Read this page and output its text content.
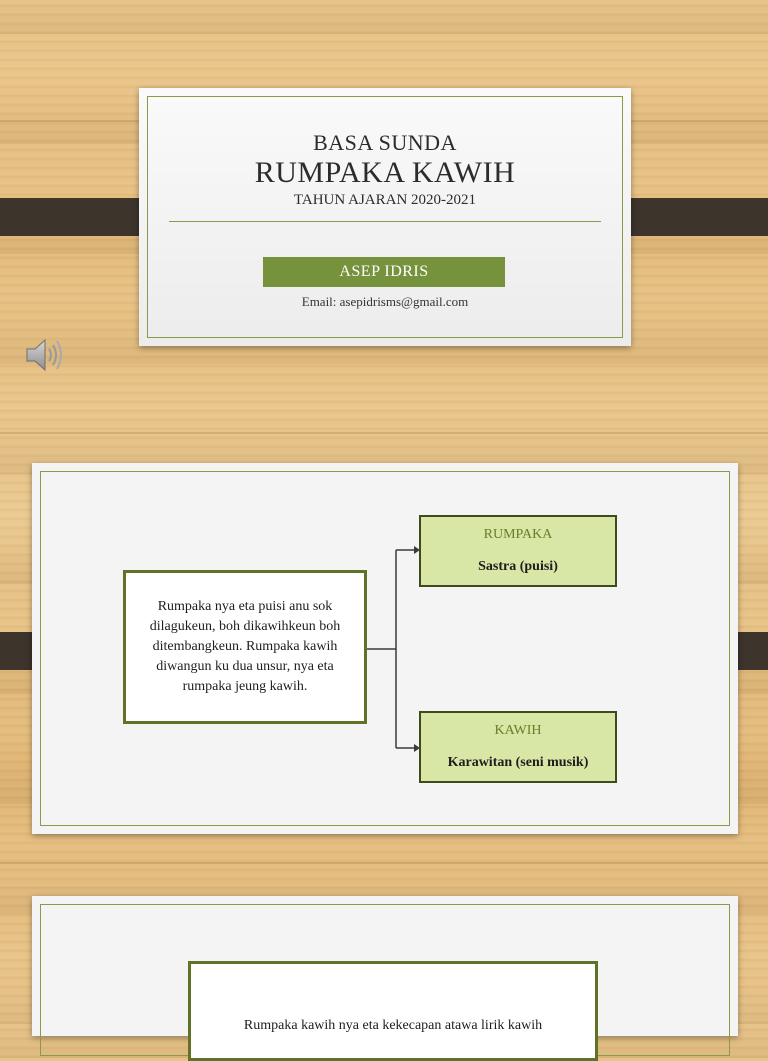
BASA SUNDA
RUMPAKA KAWIH
TAHUN AJARAN 2020-2021
ASEP IDRIS
Email: asepidrisms@gmail.com
Rumpaka nya eta puisi anu sok dilagukeun, boh dikawihkeun boh ditembangkeun. Rumpaka kawih diwangun ku dua unsur, nya eta rumpaka jeung kawih.
RUMPAKA
Sastra (puisi)
KAWIH
Karawitan (seni musik)
Rumpaka kawih nya eta kekecapan atawa lirik kawih
